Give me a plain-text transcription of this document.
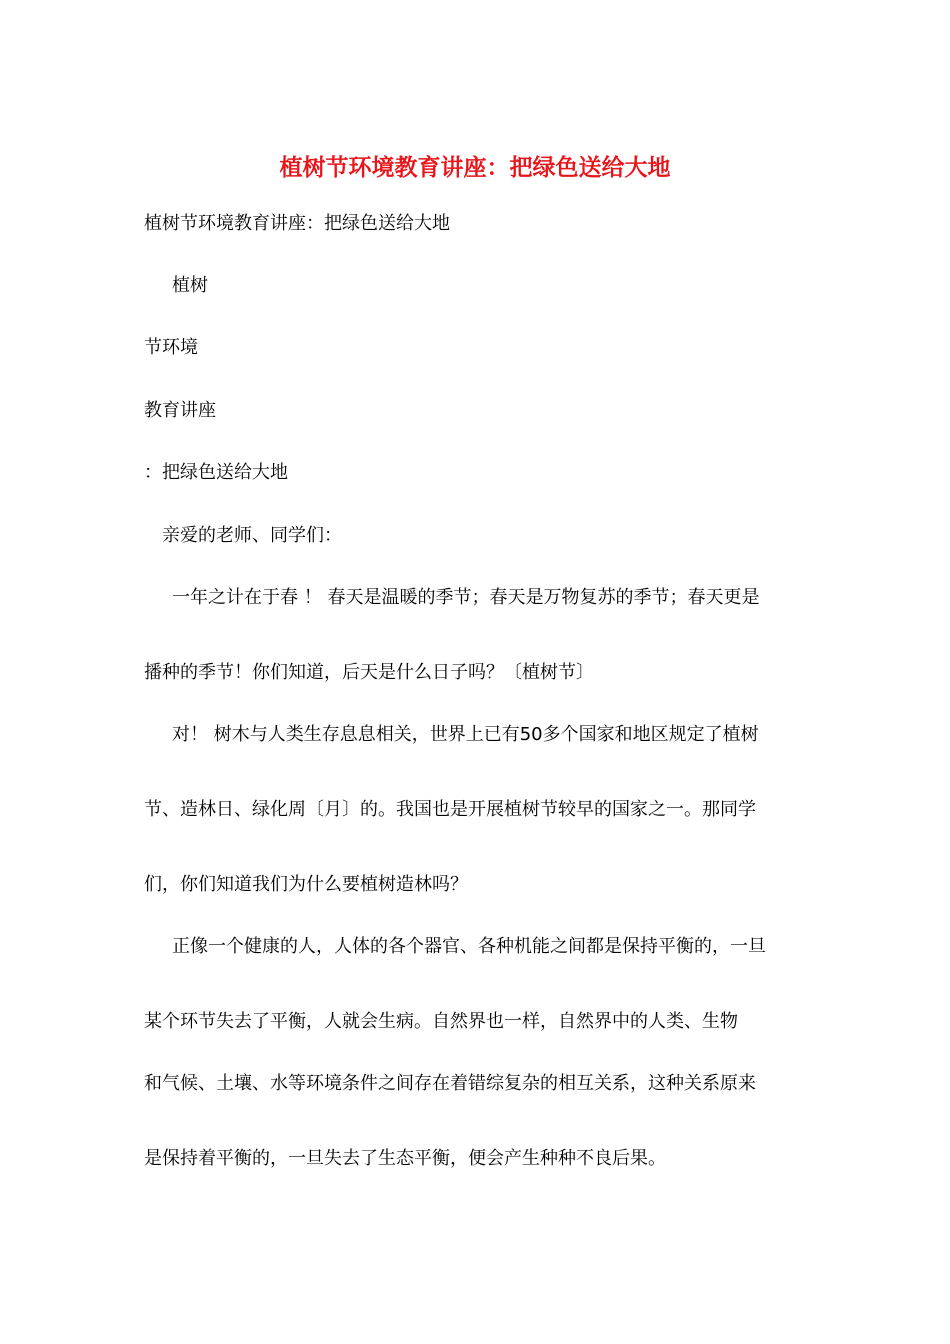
植树节环境教育讲座：把绿色送给大地
植树节环境教育讲座：把绿色送给大地
植树
节环境
教育讲座
：把绿色送给大地
亲爱的老师、同学们：
一年之计在于春 ！ 春天是温暖的季节；春天是万物复苏的季节；春天更是
播种的季节！你们知道，后天是什么日子吗？〔植树节〕
对！ 树木与人类生存息息相关，世界上已有50多个国家和地区规定了植树
节、造林日、绿化周〔月〕的。我国也是开展植树节较早的国家之一。那同学
们，你们知道我们为什么要植树造林吗？
正像一个健康的人，人体的各个器官、各种机能之间都是保持平衡的，一旦
某个环节失去了平衡，人就会生病。自然界也一样，自然界中的人类、生物
和气候、土壤、水等环境条件之间存在着错综复杂的相互关系，这种关系原来
是保持着平衡的，一旦失去了生态平衡，便会产生种种不良后果。
